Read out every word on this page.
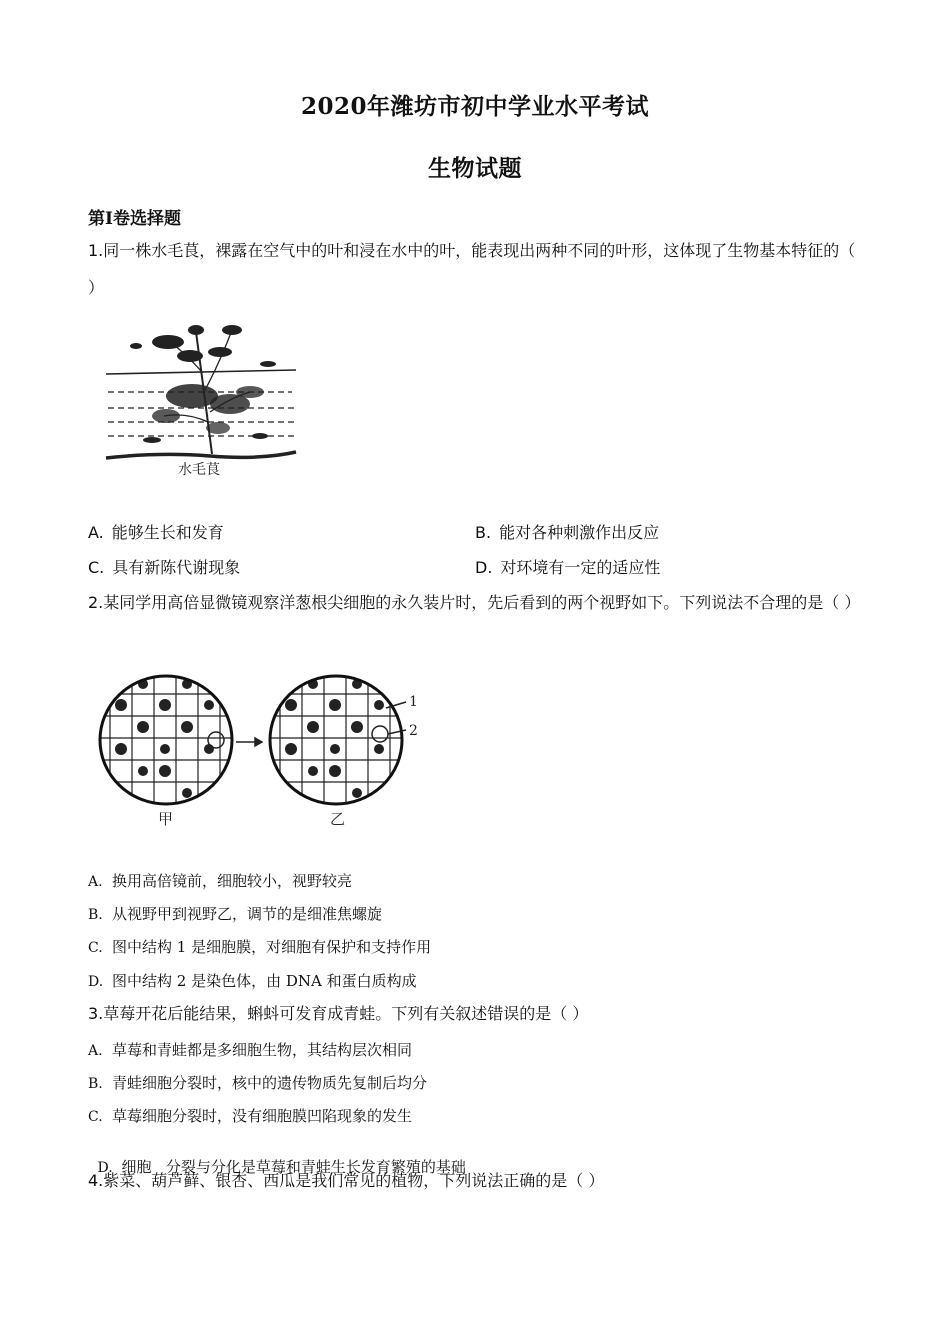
2020年潍坊市初中学业水平考试
生物试题
第Ⅰ卷选择题
1.同一株水毛茛，裸露在空气中的叶和浸在水中的叶，能表现出两种不同的叶形，这体现了生物基本特征的（ ）
水毛茛
A. 能够生长和发育	B. 能对各种刺激作出反应
C. 具有新陈代谢现象	D. 对环境有一定的适应性
2.某同学用高倍显微镜观察洋葱根尖细胞的永久装片时，先后看到的两个视野如下。下列说法不合理的是（ ）
1
2
甲	乙
A. 换用高倍镜前，细胞较小，视野较亮
B. 从视野甲到视野乙，调节的是细准焦螺旋
C. 图中结构 1 是细胞膜，对细胞有保护和支持作用
D. 图中结构 2 是染色体，由 DNA 和蛋白质构成
3.草莓开花后能结果，蝌蚪可发育成青蛙。下列有关叙述错误的是（ ）
A. 草莓和青蛙都是多细胞生物，其结构层次相同
B. 青蛙细胞分裂时，核中的遗传物质先复制后均分
C. 草莓细胞分裂时，没有细胞膜凹陷现象的发生

D. 细胞   分裂与分化是草莓和青蛙生长发育繁殖的基础

4.紫菜、葫芦藓、银杏、西瓜是我们常见的植物，下列说法正确的是（ ）
